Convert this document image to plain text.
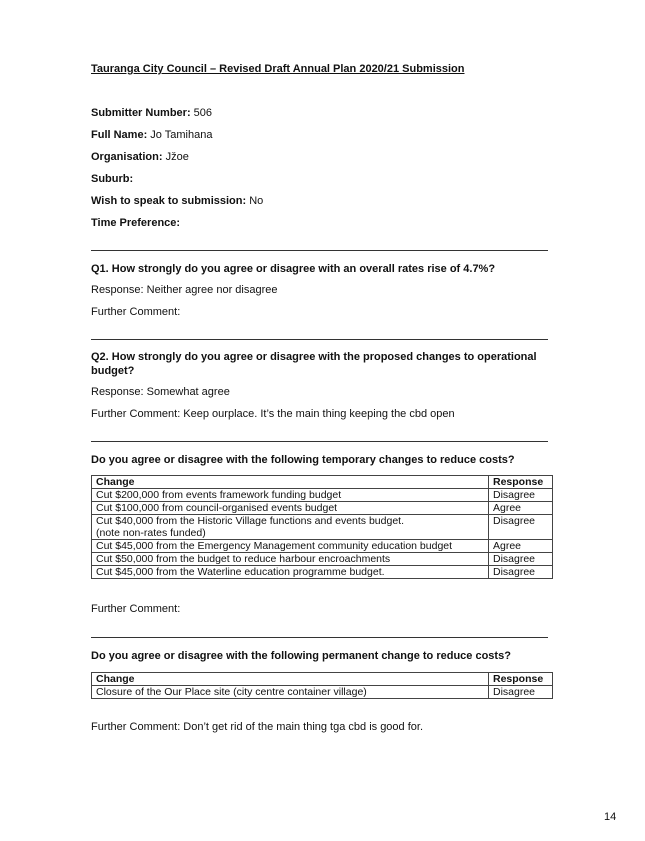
Tauranga City Council – Revised Draft Annual Plan 2020/21 Submission
Submitter Number: 506
Full Name: Jo Tamihana
Organisation: Jžoe
Suburb:
Wish to speak to submission: No
Time Preference:
Q1. How strongly do you agree or disagree with an overall rates rise of 4.7%?
Response: Neither agree nor disagree
Further Comment:
Q2. How strongly do you agree or disagree with the proposed changes to operational budget?
Response: Somewhat agree
Further Comment: Keep ourplace. It’s the main thing keeping the cbd open
Do you agree or disagree with the following temporary changes to reduce costs?
Change	Response
Cut $200,000 from events framework funding budget	Disagree
Cut $100,000 from council-organised events budget	Agree

Cut $40,000 from the Historic Village functions and events budget.
(note non-rates funded)	Disagree
Cut $45,000 from the Emergency Management community education budget	Agree
Cut $50,000 from the budget to reduce harbour encroachments	Disagree
Cut $45,000 from the Waterline education programme budget.	Disagree
Further Comment:
Do you agree or disagree with the following permanent change to reduce costs?
Change	Response
Closure of the Our Place site (city centre container village)	Disagree
Further Comment: Don’t get rid of the main thing tga cbd is good for.
14
